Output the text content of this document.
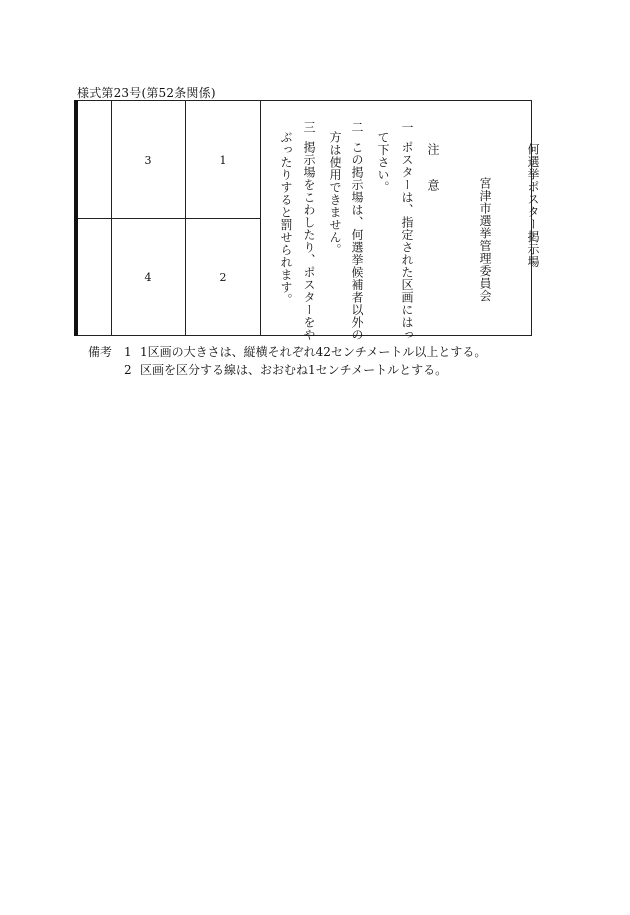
様式第23号(第52条関係)
3	1
4	2
何選挙ポスター掲示場
宮津市選挙管理委員会
注 意
一
ポスターは、指定された区画にはっ
て下さい。
二
この掲示場は、何選挙候補者以外の
方は使用できません。
三
掲示場をこわしたり、ポスターをや
ぶったりすると罰せられます。
備考 1 1区画の大きさは、縦横それぞれ42センチメートル以上とする。
2 区画を区分する線は、おおむね1センチメートルとする。
